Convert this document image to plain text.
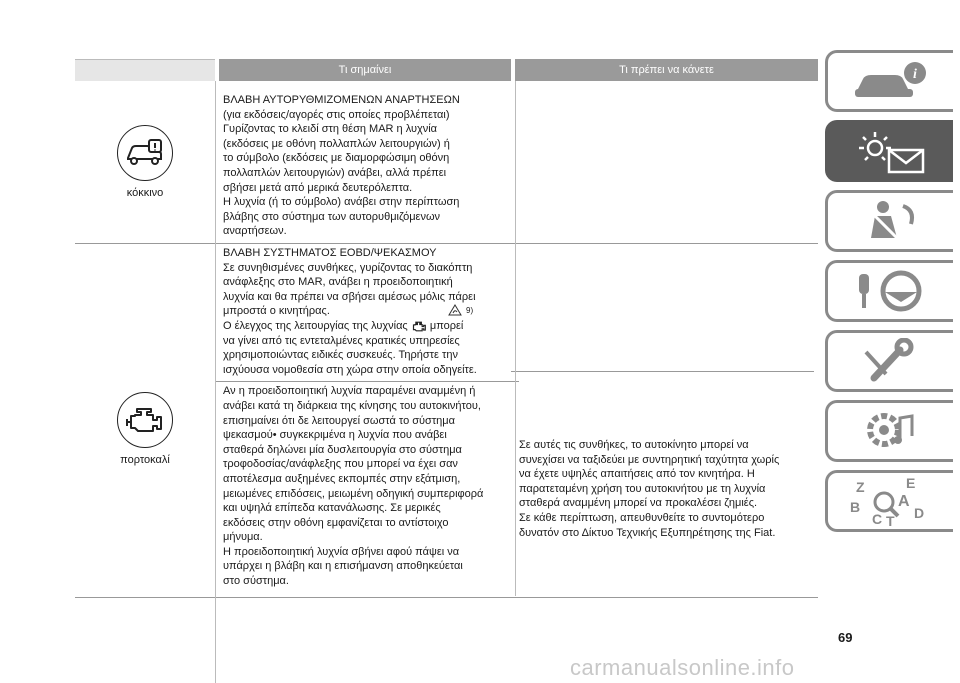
Τι σημαίνει	Τι πρέπει να κάνετε
κόκκινο
ΒΛΑΒΗ ΑΥΤΟΡΥΘΜΙΖΟΜΕΝΩΝ ΑΝΑΡΤΗΣΕΩΝ
(για εκδόσεις/αγορές στις οποίες προβλέπεται)
Γυρίζοντας το κλειδί στη θέση MAR η λυχνία
(εκδόσεις με οθόνη πολλαπλών λειτουργιών) ή
το σύμβολο (εκδόσεις με διαμορφώσιμη οθόνη
πολλαπλών λειτουργιών) ανάβει, αλλά πρέπει
σβήσει μετά από μερικά δευτερόλεπτα.
Η λυχνία (ή το σύμβολο) ανάβει στην περίπτωση
βλάβης στο σύστημα των αυτορυθμιζόμενων
αναρτήσεων.
πορτοκαλί
ΒΛΑΒΗ ΣΥΣΤΗΜΑΤΟΣ EOBD/ΨΕΚΑΣΜΟΥ
Σε συνηθισμένες συνθήκες, γυρίζοντας το διακόπτη
ανάφλεξης στο MAR, ανάβει η προειδοποιητική
λυχνία και θα πρέπει να σβήσει αμέσως μόλις πάρει
μπροστά ο κινητήρας.
Ο έλεγχος της λειτουργίας της λυχνίας μπορεί
να γίνει από τις εντεταλμένες κρατικές υπηρεσίες
χρησιμοποιώντας ειδικές συσκευές. Τηρήστε την
ισχύουσα νομοθεσία στη χώρα στην οποία οδηγείτε.
Αν η προειδοποιητική λυχνία παραμένει αναμμένη ή
ανάβει κατά τη διάρκεια της κίνησης του αυτοκινήτου,
επισημαίνει ότι δε λειτουργεί σωστά το σύστημα
ψεκασμού• συγκεκριμένα η λυχνία που ανάβει
σταθερά δηλώνει μία δυσλειτουργία στο σύστημα
τροφοδοσίας/ανάφλεξης που μπορεί να έχει σαν
αποτέλεσμα αυξημένες εκπομπές στην εξάτμιση,
μειωμένες επιδόσεις, μειωμένη οδηγική συμπεριφορά
και υψηλά επίπεδα κατανάλωσης. Σε μερικές
εκδόσεις στην οθόνη εμφανίζεται το αντίστοιχο
μήνυμα.
Η προειδοποιητική λυχνία σβήνει αφού πάψει να
υπάρχει η βλάβη και η επισήμανση αποθηκεύεται
στο σύστημα.
Σε αυτές τις συνθήκες, το αυτοκίνητο μπορεί να
συνεχίσει να ταξιδεύει με συντηρητική ταχύτητα χωρίς
να έχετε υψηλές απαιτήσεις από τον κινητήρα. Η
παρατεταμένη χρήση του αυτοκινήτου με τη λυχνία
σταθερά αναμμένη μπορεί να προκαλέσει ζημιές.
Σε κάθε περίπτωση, απευθυνθείτε το συντομότερο
δυνατόν στο Δίκτυο Τεχνικής Εξυπηρέτησης της Fiat.
9)
i
Z	E
A
B
C T D
69
carmanualsonline.info
